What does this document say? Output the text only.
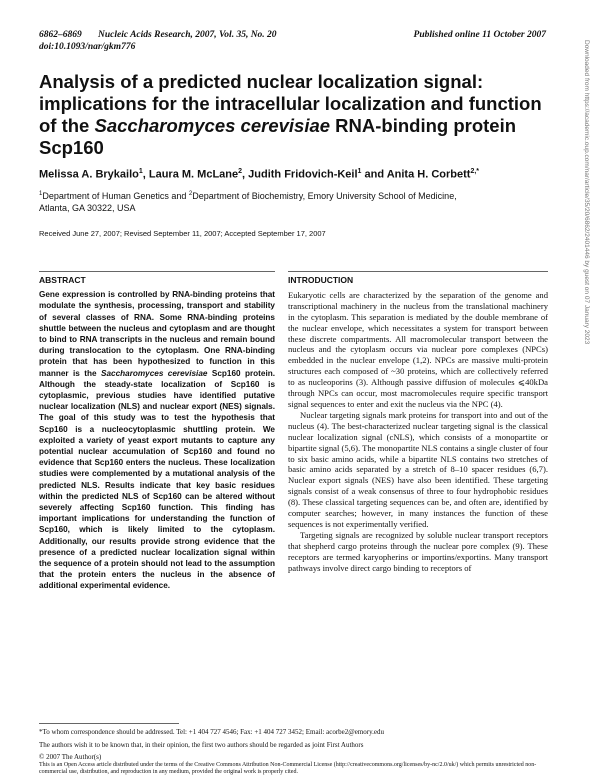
6862–6869 Nucleic Acids Research, 2007, Vol. 35, No. 20
doi:10.1093/nar/gkm776
Published online 11 October 2007
Analysis of a predicted nuclear localization signal: implications for the intracellular localization and function of the Saccharomyces cerevisiae RNA-binding protein Scp160
Melissa A. Brykailo$^1$, Laura M. McLane$^2$, Judith Fridovich-Keil$^1$ and Anita H. Corbett$^{2,*}$
$^1$Department of Human Genetics and $^2$Department of Biochemistry, Emory University School of Medicine,
Atlanta, GA 30322, USA
Received June 27, 2007; Revised September 11, 2007; Accepted September 17, 2007
ABSTRACT

Gene expression is controlled by RNA-binding proteins that modulate the synthesis, processing, transport and stability of several classes of RNA. Some RNA-binding proteins shuttle between the nucleus and cytoplasm and are thought to bind to RNA transcripts in the nucleus and remain bound during translocation to the cytoplasm. One RNA-binding protein that has been hypothesized to function in this manner is the Saccharomyces cerevisiae Scp160 protein. Although the steady-state localization of Scp160 is cytoplasmic, previous studies have identified putative nuclear localization (NLS) and nuclear export (NES) signals. The goal of this study was to test the hypothesis that Scp160 is a nucleocytoplasmic shuttling protein. We exploited a variety of yeast export mutants to capture any potential nuclear accumulation of Scp160 and found no evidence that Scp160 enters the nucleus. These localization studies were complemented by a mutational analysis of the predicted NLS. Results indicate that key basic residues within the predicted NLS of Scp160 can be altered without severely affecting Scp160 function. This finding has important implications for understanding the function of Scp160, which is likely limited to the cytoplasm. Additionally, our results provide strong evidence that the presence of a predicted nuclear localization signal within the sequence of a protein should not lead to the assumption that the protein enters the nucleus in the absence of additional experimental evidence.

INTRODUCTION

Eukaryotic cells are characterized by the separation of the genome and transcriptional machinery in the nucleus from the translational machinery in the cytoplasm. This separation is mediated by the double membrane of the nuclear envelope, which necessitates a system for transport between these discrete compartments. All macromolecular transport between the nucleus and the cytoplasm occurs via nuclear pore complexes (NPCs) embedded in the nuclear envelope (1,2). NPCs are massive multi-protein structures each composed of ~30 proteins, which are collectively referred to as nucleoporins (3). Although passive diffusion of molecules ⩽40kDa through NPCs can occur, most macromolecules require specific transport signal sequences to enter and exit the nucleus via the NPC (4).

Nuclear targeting signals mark proteins for transport into and out of the nucleus (4). The best-characterized nuclear targeting signal is the classical nuclear localization signal (cNLS), which consists of a monopartite or bipartite signal (5,6). The monopartite NLS contains a single cluster of four to six basic amino acids, while a bipartite NLS contains two stretches of basic amino acids separated by a stretch of 8–10 spacer residues (6,7). Nuclear export signals (NES) have also been identified. These targeting signals consist of a weak consensus of three to four hydrophobic residues (8). These classical targeting sequences can be, and often are, identified by computer searches; however, in many instances the function of these sequences is not experimentally verified.

Targeting signals are recognized by soluble nuclear transport receptors that shepherd cargo proteins through the nuclear pore complex (9). These receptors are termed karyopherins or importins/exportins. Many transport pathways involve direct cargo binding to receptors of

*To whom correspondence should be addressed. Tel: +1 404 727 4546; Fax: +1 404 727 3452; Email: acorbe2@emory.edu
The authors wish it to be known that, in their opinion, the first two authors should be regarded as joint First Authors
© 2007 The Author(s)
This is an Open Access article distributed under the terms of the Creative Commons Attribution Non-Commercial License (http://creativecommons.org/licenses/by-nc/2.0/uk/) which permits unrestricted non-commercial use, distribution, and reproduction in any medium, provided the original work is properly cited.
Downloaded from https://academic.oup.com/nar/article/35/20/6862/2401446 by guest on 07 January 2023
